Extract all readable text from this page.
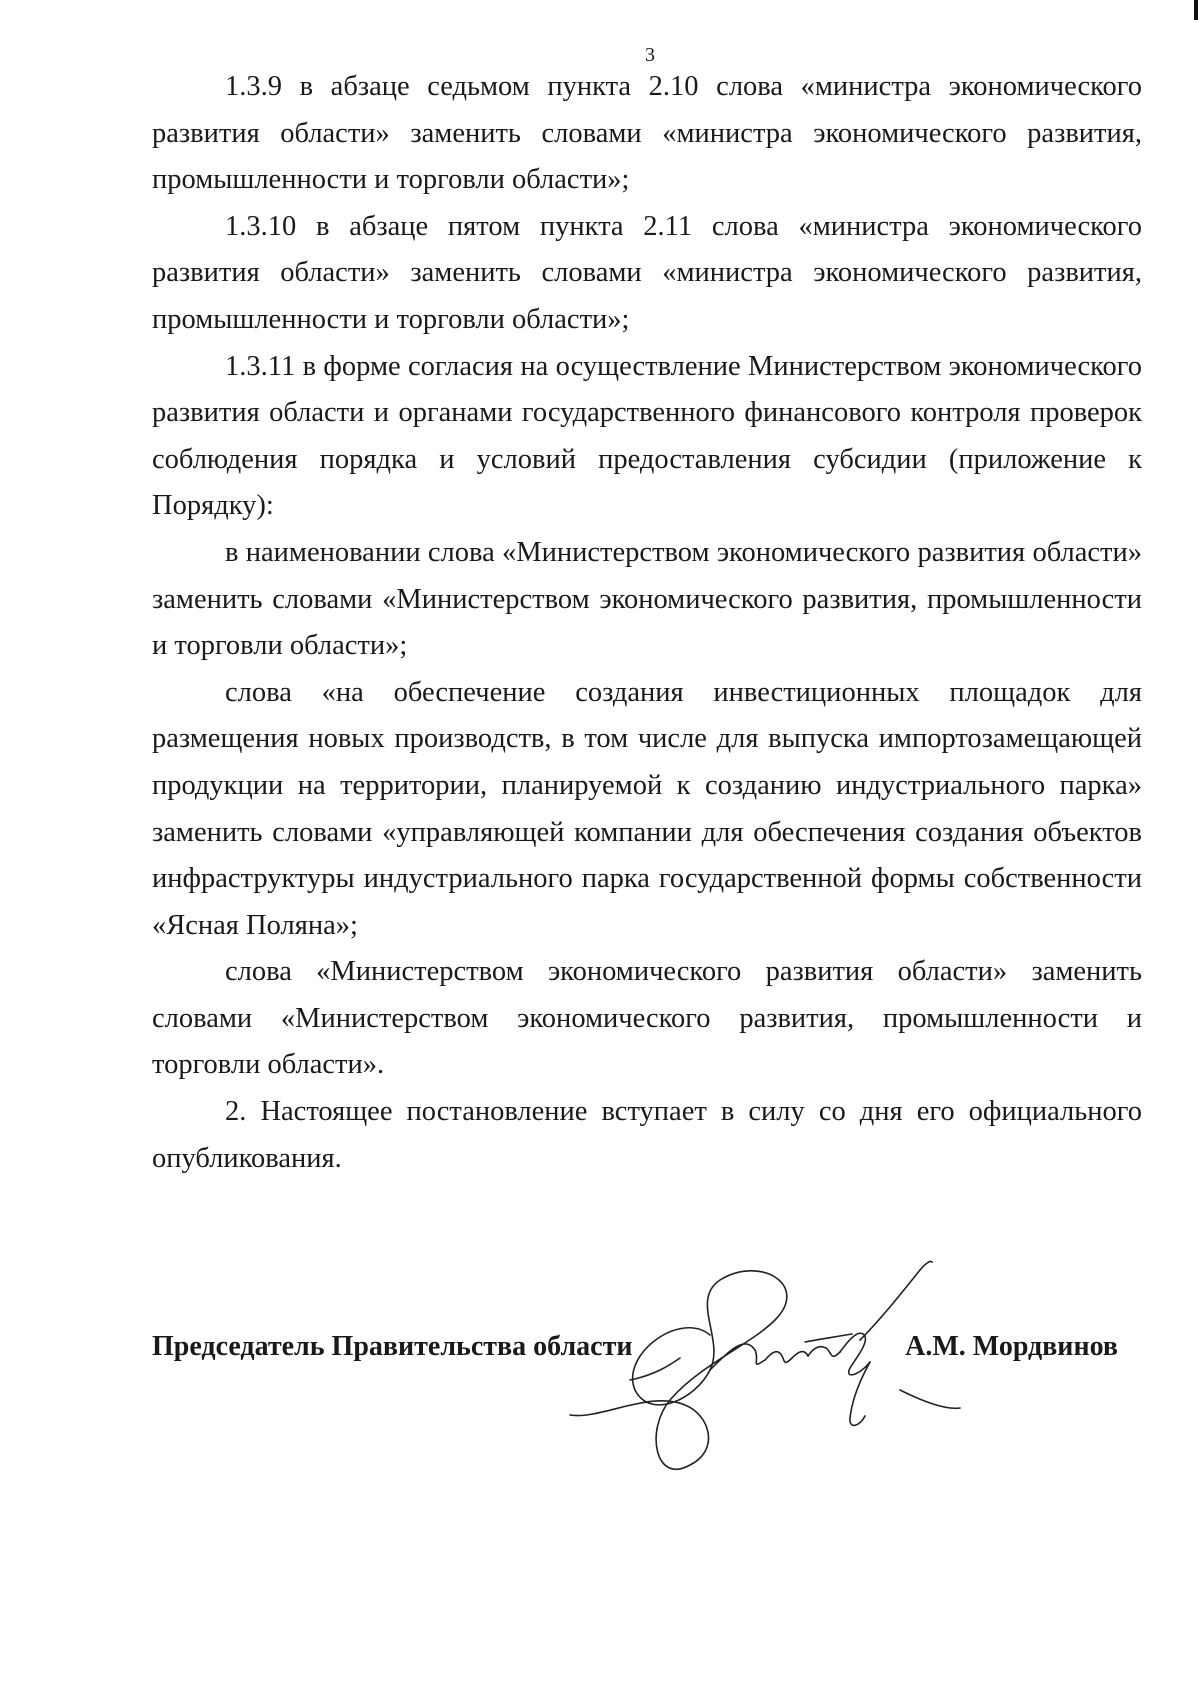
3

1.3.9 в абзаце седьмом пункта 2.10 слова «министра экономического развития области» заменить словами «министра экономического развития, промышленности и торговли области»;

1.3.10 в абзаце пятом пункта 2.11 слова «министра экономического развития области» заменить словами «министра экономического развития, промышленности и торговли области»;

1.3.11 в форме согласия на осуществление Министерством экономического развития области и органами государственного финансового контроля проверок соблюдения порядка и условий предоставления субсидии (приложение к Порядку):

в наименовании слова «Министерством экономического развития области» заменить словами «Министерством экономического развития, промышленности и торговли области»;

слова «на обеспечение создания инвестиционных площадок для размещения новых производств, в том числе для выпуска импортозамещающей продукции на территории, планируемой к созданию индустриального парка» заменить словами «управляющей компании для обеспечения создания объектов инфраструктуры индустриального парка государственной формы собственности «Ясная Поляна»;

слова «Министерством экономического развития области» заменить словами «Министерством экономического развития, промышленности и торговли области».

2. Настоящее постановление вступает в силу со дня его официального опубликования.

Председатель Правительства области	А.М. Мордвинов
